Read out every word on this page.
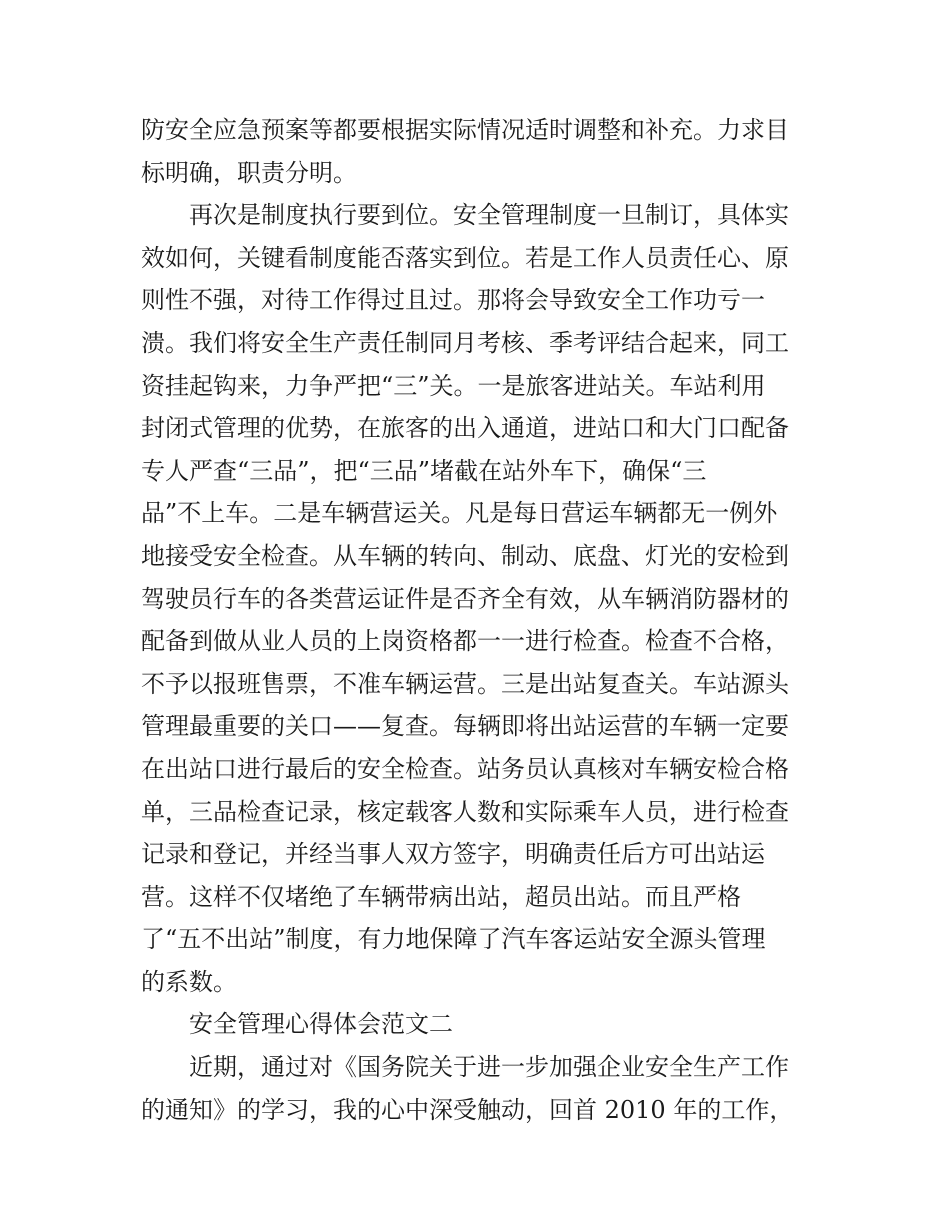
防安全应急预案等都要根据实际情况适时调整和补充。力求目
标明确，职责分明。
再次是制度执行要到位。安全管理制度一旦制订，具体实
效如何，关键看制度能否落实到位。若是工作人员责任心、原
则性不强，对待工作得过且过。那将会导致安全工作功亏一
溃。我们将安全生产责任制同月考核、季考评结合起来，同工
资挂起钩来，力争严把“三”关。一是旅客进站关。车站利用
封闭式管理的优势，在旅客的出入通道，进站口和大门口配备
专人严查“三品”，把“三品”堵截在站外车下，确保“三
品”不上车。二是车辆营运关。凡是每日营运车辆都无一例外
地接受安全检查。从车辆的转向、制动、底盘、灯光的安检到
驾驶员行车的各类营运证件是否齐全有效，从车辆消防器材的
配备到做从业人员的上岗资格都一一进行检查。检查不合格，
不予以报班售票，不准车辆运营。三是出站复查关。车站源头
管理最重要的关口——复查。每辆即将出站运营的车辆一定要
在出站口进行最后的安全检查。站务员认真核对车辆安检合格
单，三品检查记录，核定载客人数和实际乘车人员，进行检查
记录和登记，并经当事人双方签字，明确责任后方可出站运
营。这样不仅堵绝了车辆带病出站，超员出站。而且严格
了“五不出站”制度，有力地保障了汽车客运站安全源头管理
的系数。
安全管理心得体会范文二
近期，通过对《国务院关于进一步加强企业安全生产工作
的通知》的学习，我的心中深受触动，回首 2010 年的工作，
